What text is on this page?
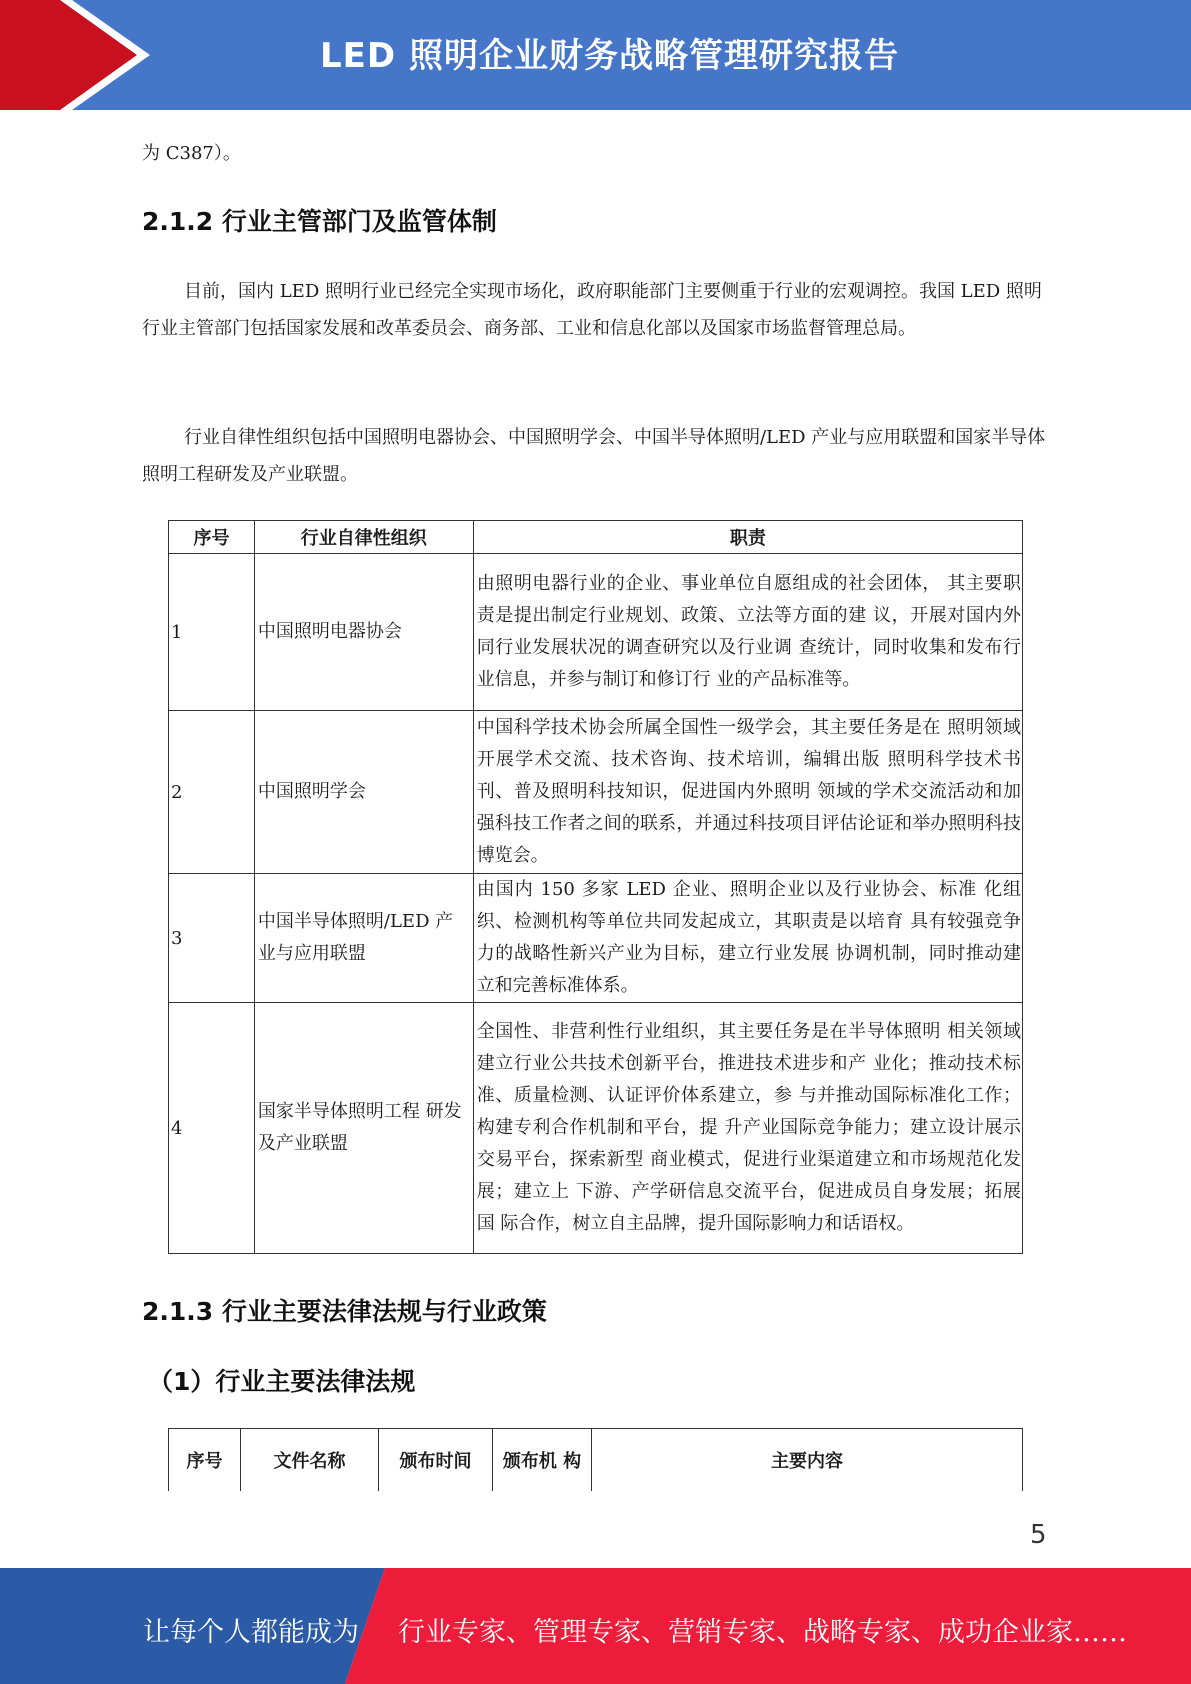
LED 照明企业财务战略管理研究报告

为 C387）。

2.1.2 行业主管部门及监管体制

目前，国内 LED 照明行业已经完全实现市场化，政府职能部门主要侧重于行业的宏观调控。我国 LED 照明行业主管部门包括国家发展和改革委员会、商务部、工业和信息化部以及国家市场监督管理总局。

行业自律性组织包括中国照明电器协会、中国照明学会、中国半导体照明/LED 产业与应用联盟和国家半导体照明工程研发及产业联盟。

序号	行业自律性组织	职责
1	中国照明电器协会	由照明电器行业的企业、事业单位自愿组成的社会团体， 其主要职责是提出制定行业规划、政策、立法等方面的建 议，开展对国内外同行业发展状况的调查研究以及行业调 查统计，同时收集和发布行业信息，并参与制订和修订行 业的产品标准等。
2	中国照明学会	中国科学技术协会所属全国性一级学会，其主要任务是在 照明领域开展学术交流、技术咨询、技术培训，编辑出版 照明科学技术书刊、普及照明科技知识，促进国内外照明 领域的学术交流活动和加强科技工作者之间的联系，并通过科技项目评估论证和举办照明科技博览会。
3	中国半导体照明/LED 产业与应用联盟	由国内 150 多家 LED 企业、照明企业以及行业协会、标准 化组织、检测机构等单位共同发起成立，其职责是以培育 具有较强竞争力的战略性新兴产业为目标，建立行业发展 协调机制，同时推动建立和完善标准体系。
4	国家半导体照明工程 研发及产业联盟	全国性、非营利性行业组织，其主要任务是在半导体照明 相关领域建立行业公共技术创新平台，推进技术进步和产 业化；推动技术标准、质量检测、认证评价体系建立，参 与并推动国际标准化工作；构建专利合作机制和平台，提 升产业国际竞争能力；建立设计展示交易平台，探索新型 商业模式，促进行业渠道建立和市场规范化发展；建立上 下游、产学研信息交流平台，促进成员自身发展；拓展国 际合作，树立自主品牌，提升国际影响力和话语权。
2.1.3 行业主要法律法规与行业政策
（1）行业主要法律法规
序号	文件名称	颁布时间	颁布机 构	主要内容
5
让每个人都能成为 行业专家、管理专家、营销专家、战略专家、成功企业家……
